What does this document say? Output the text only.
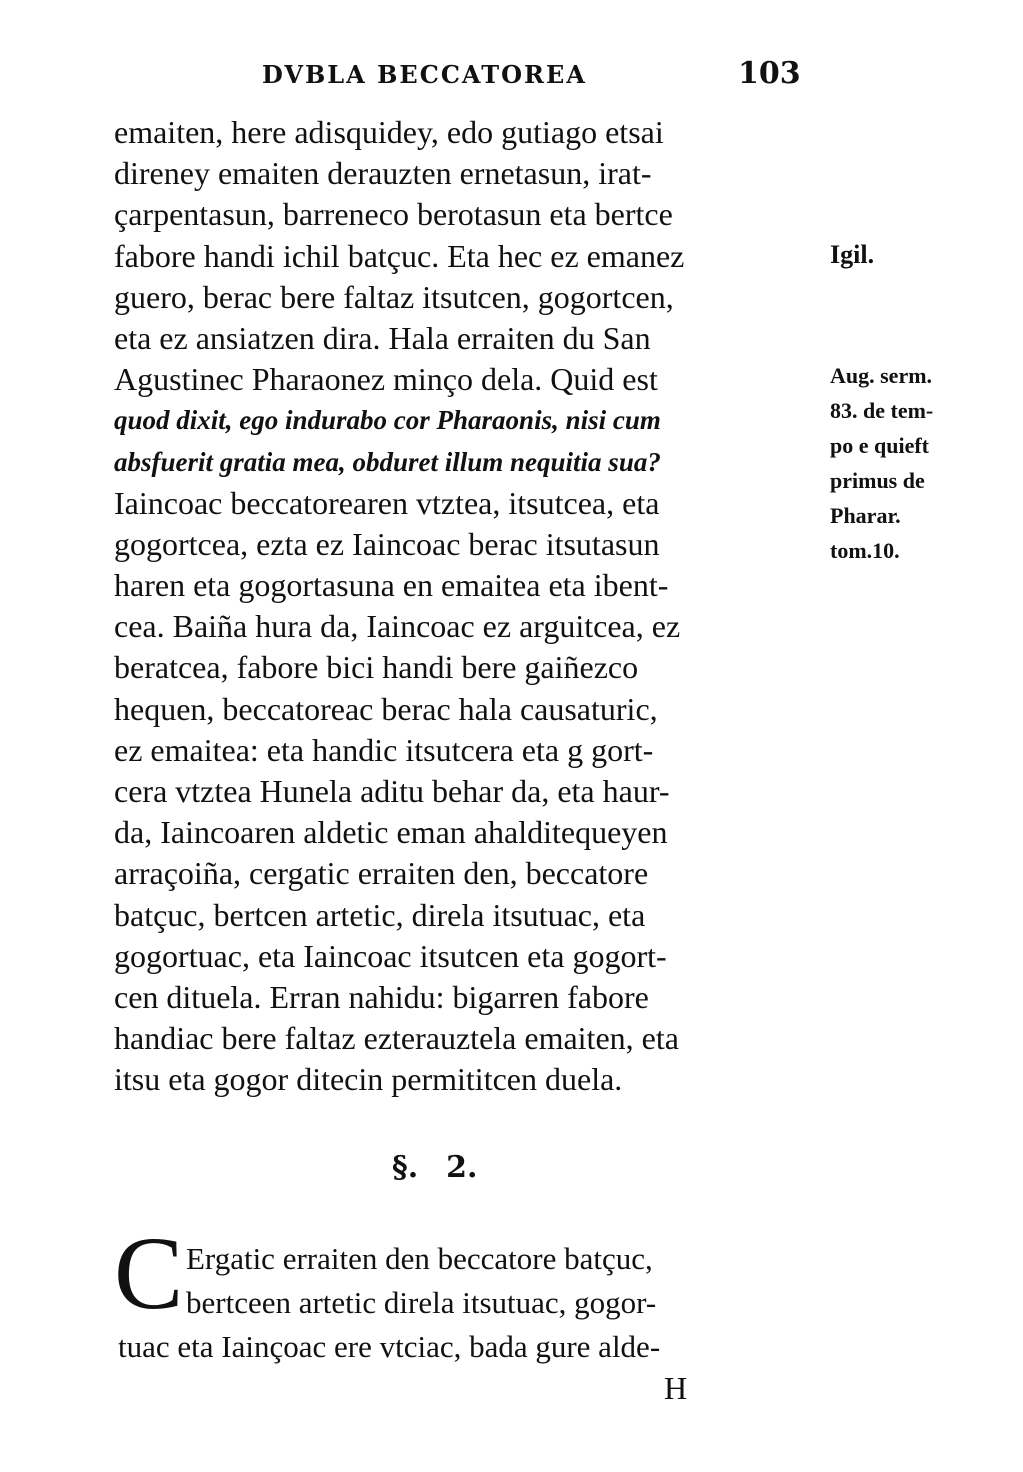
DVBLA BECCATOREA	103
emaiten, here adisquidey, edo gutiago etsai
direney emaiten derauzten ernetasun, irat-
çarpentasun, barreneco berotasun eta bertce
fabore handi ichil batçuc. Eta hec ez emanez
guero, berac bere faltaz itsutcen, gogortcen,
eta ez ansiatzen dira. Hala erraiten du San
Agustinec Pharaonez minço dela. Quid est
quod dixit, ego indurabo cor Pharaonis, nisi cum
absfuerit gratia mea, obduret illum nequitia sua?
Iaincoac beccatorearen vtztea, itsutcea, eta
gogortcea, ezta ez Iaincoac berac itsutasun
haren eta gogortasuna en emaitea eta ibent-
cea. Baiña hura da, Iaincoac ez arguitcea, ez
beratcea, fabore bici handi bere gaiñezco
hequen, beccatoreac berac hala causaturic,
ez emaitea: eta handic itsutcera eta g gort-
cera vtztea Hunela aditu behar da, eta haur-
da, Iaincoaren aldetic eman ahalditequeyen
arraçoiña, cergatic erraiten den, beccatore
batçuc, bertcen artetic, direla itsutuac, eta
gogortuac, eta Iaincoac itsutcen eta gogort-
cen dituela. Erran nahidu: bigarren fabore
handiac bere faltaz ezterauztela emaiten, eta
itsu eta gogor ditecin permititcen duela.
Igil.
Aug. serm.
83. de tem-
po e quieft
primus de
Pharar.
tom.10.
§. 2.
C Ergatic erraiten den beccatore batçuc,
bertceen artetic direla itsutuac, gogor-
tuac eta Iainçoac ere vtciac, bada gure alde-
H
